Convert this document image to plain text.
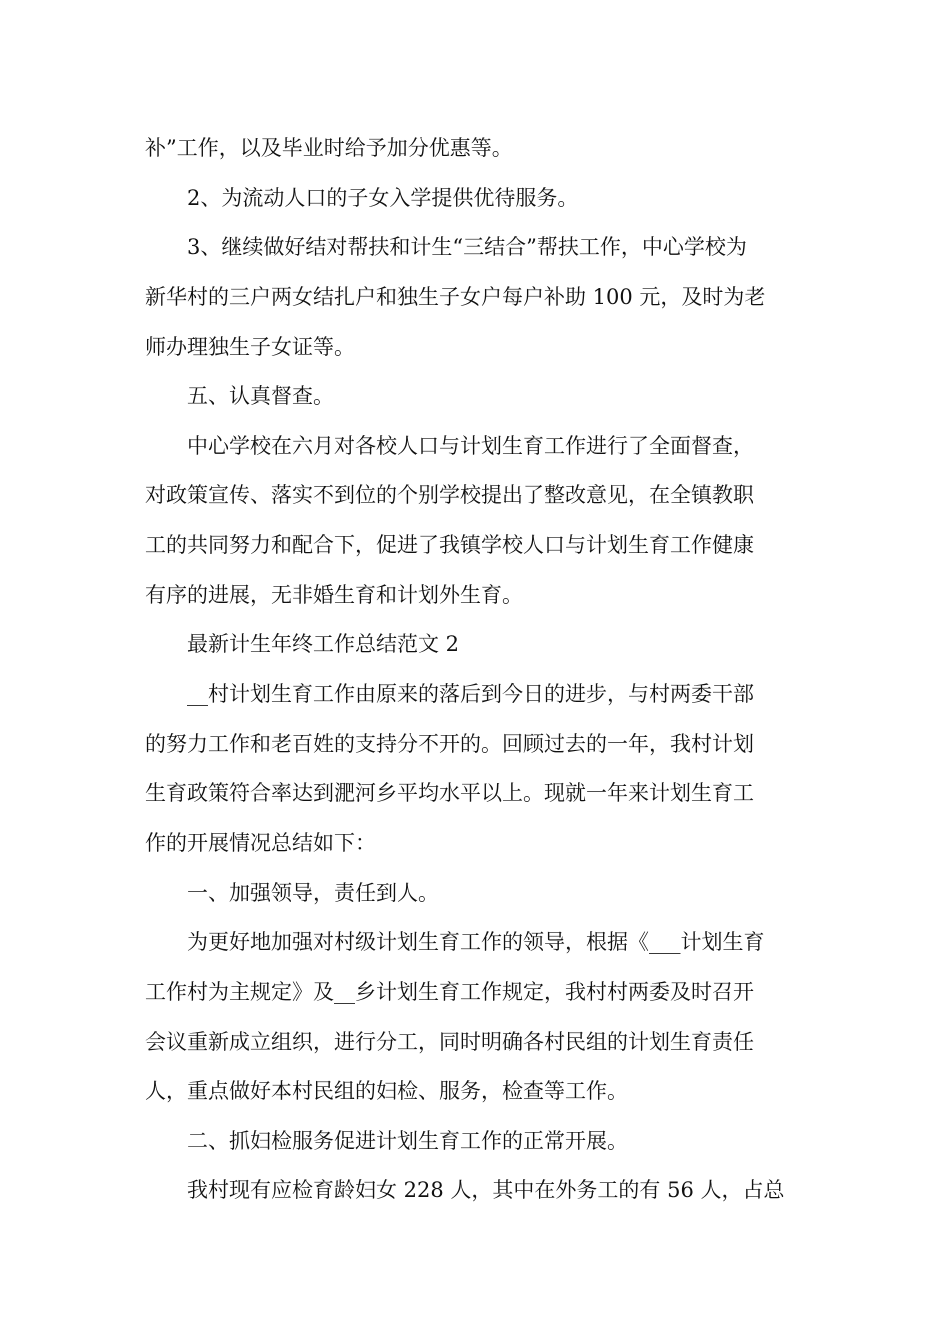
补”工作，以及毕业时给予加分优惠等。
2、为流动人口的子女入学提供优待服务。
3、继续做好结对帮扶和计生“三结合”帮扶工作，中心学校为
新华村的三户两女结扎户和独生子女户每户补助 100 元，及时为老
师办理独生子女证等。
五、认真督查。
中心学校在六月对各校人口与计划生育工作进行了全面督查，
对政策宣传、落实不到位的个别学校提出了整改意见，在全镇教职
工的共同努力和配合下，促进了我镇学校人口与计划生育工作健康
有序的进展，无非婚生育和计划外生育。
最新计生年终工作总结范文 2
__村计划生育工作由原来的落后到今日的进步，与村两委干部
的努力工作和老百姓的支持分不开的。回顾过去的一年，我村计划
生育政策符合率达到淝河乡平均水平以上。现就一年来计划生育工
作的开展情况总结如下：
一、加强领导，责任到人。
为更好地加强对村级计划生育工作的领导，根据《___计划生育
工作村为主规定》及__乡计划生育工作规定，我村村两委及时召开
会议重新成立组织，进行分工，同时明确各村民组的计划生育责任
人，重点做好本村民组的妇检、服务，检查等工作。
二、抓妇检服务促进计划生育工作的正常开展。
我村现有应检育龄妇女 228 人，其中在外务工的有 56 人，占总
